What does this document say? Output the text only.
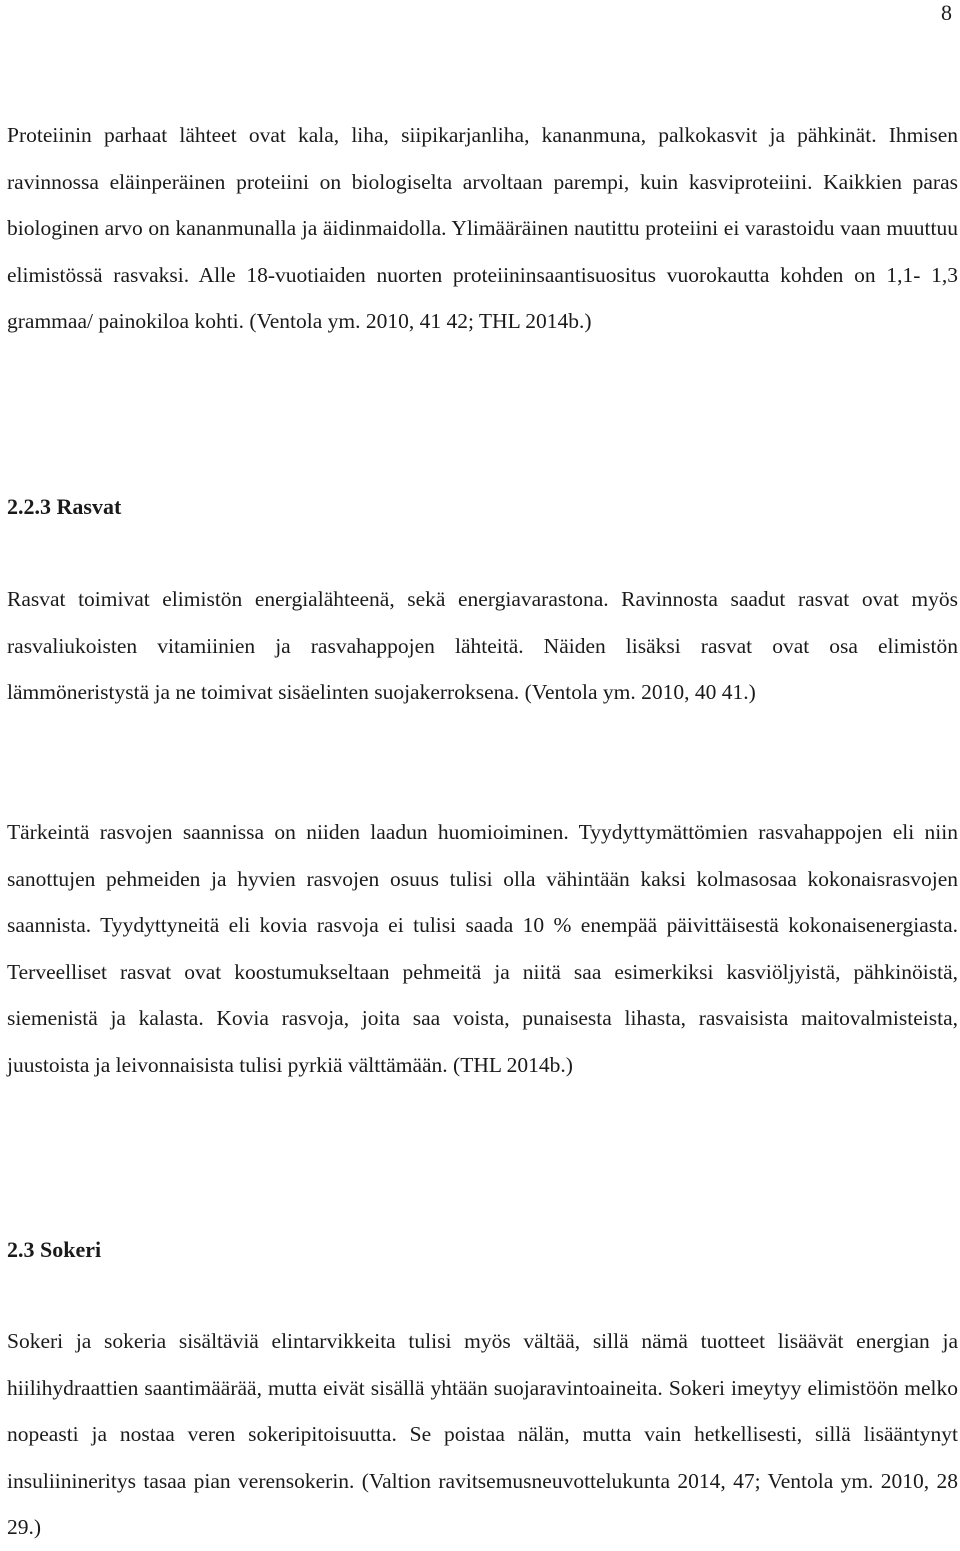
8

Proteiinin parhaat lähteet ovat kala, liha, siipikarjanliha, kananmuna, palkokasvit ja pähkinät. Ihmisen ravinnossa eläinperäinen proteiini on biologiselta arvoltaan parempi, kuin kasviproteiini. Kaikkien paras biologinen arvo on kananmunalla ja äidinmaidolla. Ylimääräinen nautittu proteiini ei varastoidu vaan muuttuu elimistössä rasvaksi. Alle 18-vuotiaiden nuorten proteiininsaantisuositus vuorokautta kohden on 1,1- 1,3 grammaa/ painokiloa kohti. (Ventola ym. 2010, 41 42; THL 2014b.)

2.2.3 Rasvat

Rasvat toimivat elimistön energialähteenä, sekä energiavarastona. Ravinnosta saadut rasvat ovat myös rasvaliukoisten vitamiinien ja rasvahappojen lähteitä. Näiden lisäksi rasvat ovat osa elimistön lämmöneristystä ja ne toimivat sisäelinten suojakerroksena. (Ventola ym. 2010, 40 41.)

Tärkeintä rasvojen saannissa on niiden laadun huomioiminen. Tyydyttymättömien rasvahappojen eli niin sanottujen pehmeiden ja hyvien rasvojen osuus tulisi olla vähintään kaksi kolmasosaa kokonaisrasvojen saannista. Tyydyttyneitä eli kovia rasvoja ei tulisi saada 10 % enempää päivittäisestä kokonaisenergiasta. Terveelliset rasvat ovat koostumukseltaan pehmeitä ja niitä saa esimerkiksi kasviöljyistä, pähkinöistä, siemenistä ja kalasta. Kovia rasvoja, joita saa voista, punaisesta lihasta, rasvaisista maitovalmisteista, juustoista ja leivonnaisista tulisi pyrkiä välttämään. (THL 2014b.)

2.3 Sokeri

Sokeri ja sokeria sisältäviä elintarvikkeita tulisi myös vältää, sillä nämä tuotteet lisäävät energian ja hiilihydraattien saantimäärää, mutta eivät sisällä yhtään suojaravintoaineita. Sokeri imeytyy elimistöön melko nopeasti ja nostaa veren sokeripitoisuutta. Se poistaa nälän, mutta vain hetkellisesti, sillä lisääntynyt insuliinineritys tasaa pian verensokerin. (Valtion ravitsemusneuvottelukunta 2014, 47; Ventola ym. 2010, 28 29.)
